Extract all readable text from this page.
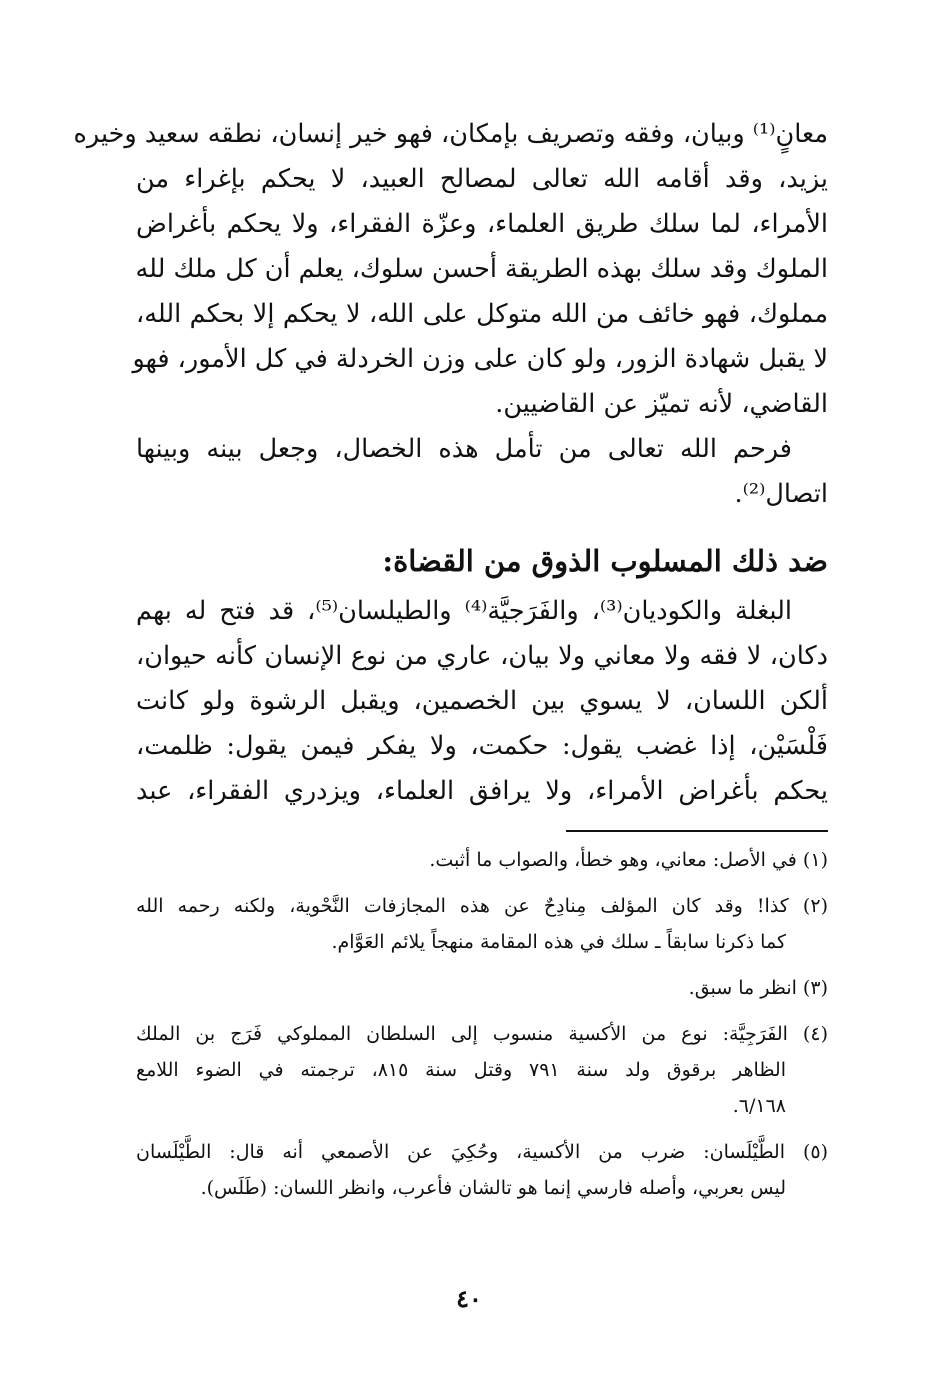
معانٍ⁽¹⁾ وبيان، وفقه وتصريف بإمكان، فهو خير إنسان، نطقه سعيد وخيره

يزيد، وقد أقامه الله تعالى لمصالح العبيد، لا يحكم بإغراء من

الأمراء، لما سلك طريق العلماء، وعزّة الفقراء، ولا يحكم بأغراض

الملوك وقد سلك بهذه الطريقة أحسن سلوك، يعلم أن كل ملك لله

مملوك، فهو خائف من الله متوكل على الله، لا يحكم إلا بحكم الله،

لا يقبل شهادة الزور، ولو كان على وزن الخردلة في كل الأمور، فهو

القاضي، لأنه تميّز عن القاضيين.

فرحم الله تعالى من تأمل هذه الخصال، وجعل بينه وبينها

اتصال⁽²⁾.

ضد ذلك المسلوب الذوق من القضاة:

البغلة والكوديان⁽³⁾، والفَرَجيَّة⁽⁴⁾ والطيلسان⁽⁵⁾، قد فتح له بهم

دكان، لا فقه ولا معاني ولا بيان، عاري من نوع الإنسان كأنه حيوان،

ألكن اللسان، لا يسوي بين الخصمين، ويقبل الرشوة ولو كانت

فَلْسَيْن، إذا غضب يقول: حكمت، ولا يفكر فيمن يقول: ظلمت،

يحكم بأغراض الأمراء، ولا يرافق العلماء، ويزدري الفقراء، عبد

(١) في الأصل: معاني، وهو خطأ، والصواب ما أثبت.

(٢) كذا! وقد كان المؤلف مِنادِحٌ عن هذه المجازفات النَّحْوية، ولكنه رحمه الله

كما ذكرنا سابقاً ـ سلك في هذه المقامة منهجاً يلائم العَوَّام.

(٣) انظر ما سبق.

(٤) الفَرَجِيَّة: نوع من الأكسية منسوب إلى السلطان المملوكي فَرَج بن الملك

الظاهر برقوق ولد سنة ٧٩١ وقتل سنة ٨١٥، ترجمته في الضوء اللامع

٦/١٦٨.

(٥) الطَّيْلَسان: ضرب من الأكسية، وحُكِيَ عن الأصمعي أنه قال: الطَّيْلَسان

ليس بعربي، وأصله فارسي إنما هو تالشان فأعرب، وانظر اللسان: (طَلَس).

٤٠
